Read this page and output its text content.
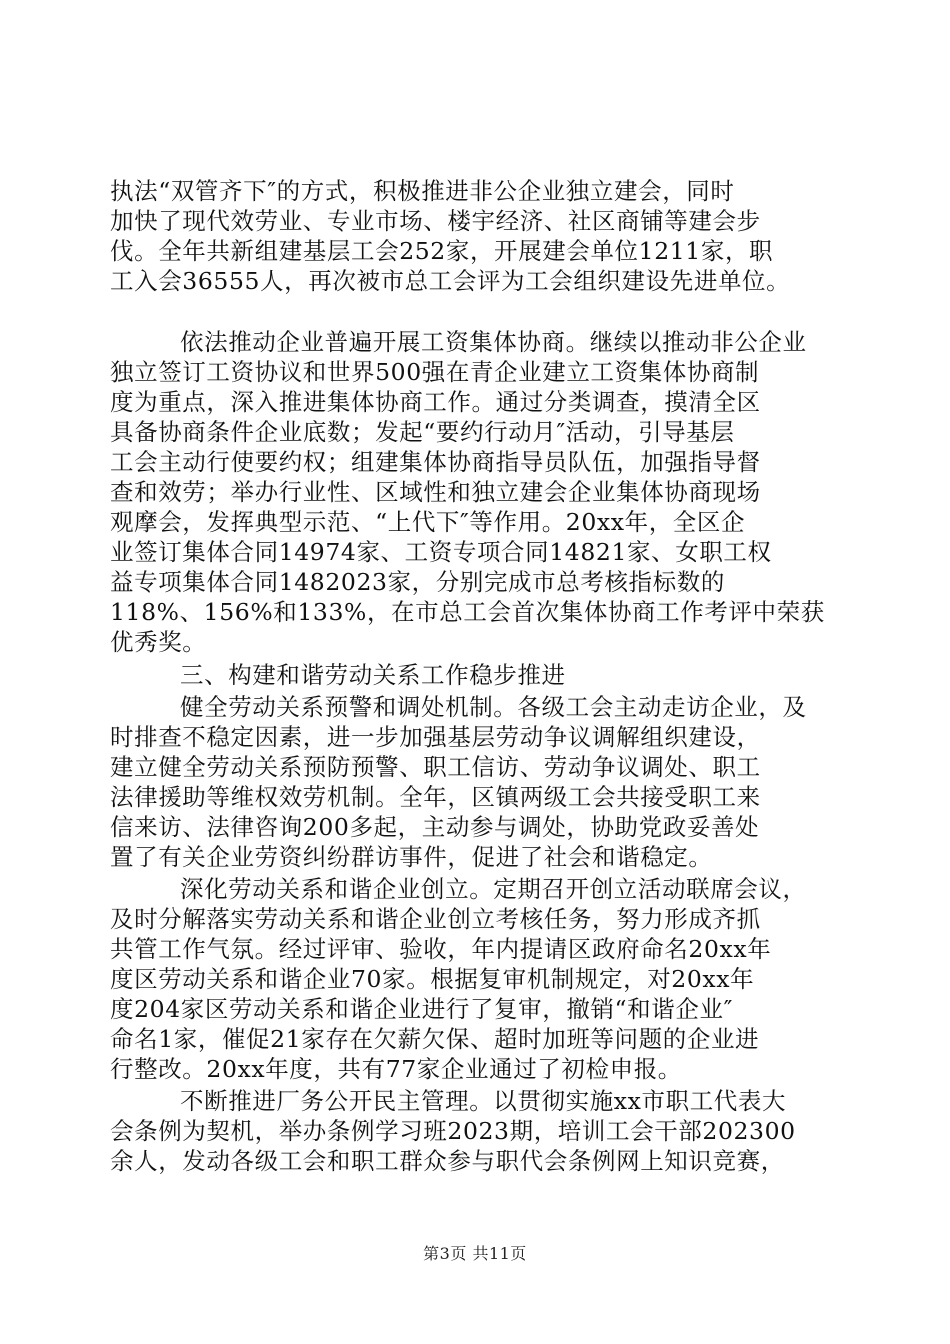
执法“双管齐下″的方式，积极推进非公企业独立建会，同时
加快了现代效劳业、专业市场、楼宇经济、社区商铺等建会步
伐。全年共新组建基层工会252家，开展建会单位1211家，职
工入会36555人，再次被市总工会评为工会组织建设先进单位。
依法推动企业普遍开展工资集体协商。继续以推动非公企业
独立签订工资协议和世界500强在青企业建立工资集体协商制
度为重点，深入推进集体协商工作。通过分类调查，摸清全区
具备协商条件企业底数；发起“要约行动月″活动，引导基层
工会主动行使要约权；组建集体协商指导员队伍，加强指导督
查和效劳；举办行业性、区域性和独立建会企业集体协商现场
观摩会，发挥典型示范、“上代下″等作用。20xx年，全区企
业签订集体合同14974家、工资专项合同14821家、女职工权
益专项集体合同1482023家，分别完成市总考核指标数的
118%、156%和133%，在市总工会首次集体协商工作考评中荣获
优秀奖。
三、构建和谐劳动关系工作稳步推进
健全劳动关系预警和调处机制。各级工会主动走访企业，及
时排查不稳定因素，进一步加强基层劳动争议调解组织建设，
建立健全劳动关系预防预警、职工信访、劳动争议调处、职工
法律援助等维权效劳机制。全年，区镇两级工会共接受职工来
信来访、法律咨询200多起，主动参与调处，协助党政妥善处
置了有关企业劳资纠纷群访事件，促进了社会和谐稳定。
深化劳动关系和谐企业创立。定期召开创立活动联席会议，
及时分解落实劳动关系和谐企业创立考核任务，努力形成齐抓
共管工作气氛。经过评审、验收，年内提请区政府命名20xx年
度区劳动关系和谐企业70家。根据复审机制规定，对20xx年
度204家区劳动关系和谐企业进行了复审，撤销“和谐企业″
命名1家，催促21家存在欠薪欠保、超时加班等问题的企业进
行整改。20xx年度，共有77家企业通过了初检申报。
不断推进厂务公开民主管理。以贯彻实施xx市职工代表大
会条例为契机，举办条例学习班2023期，培训工会干部202300
余人，发动各级工会和职工群众参与职代会条例网上知识竞赛，
第3页 共11页
